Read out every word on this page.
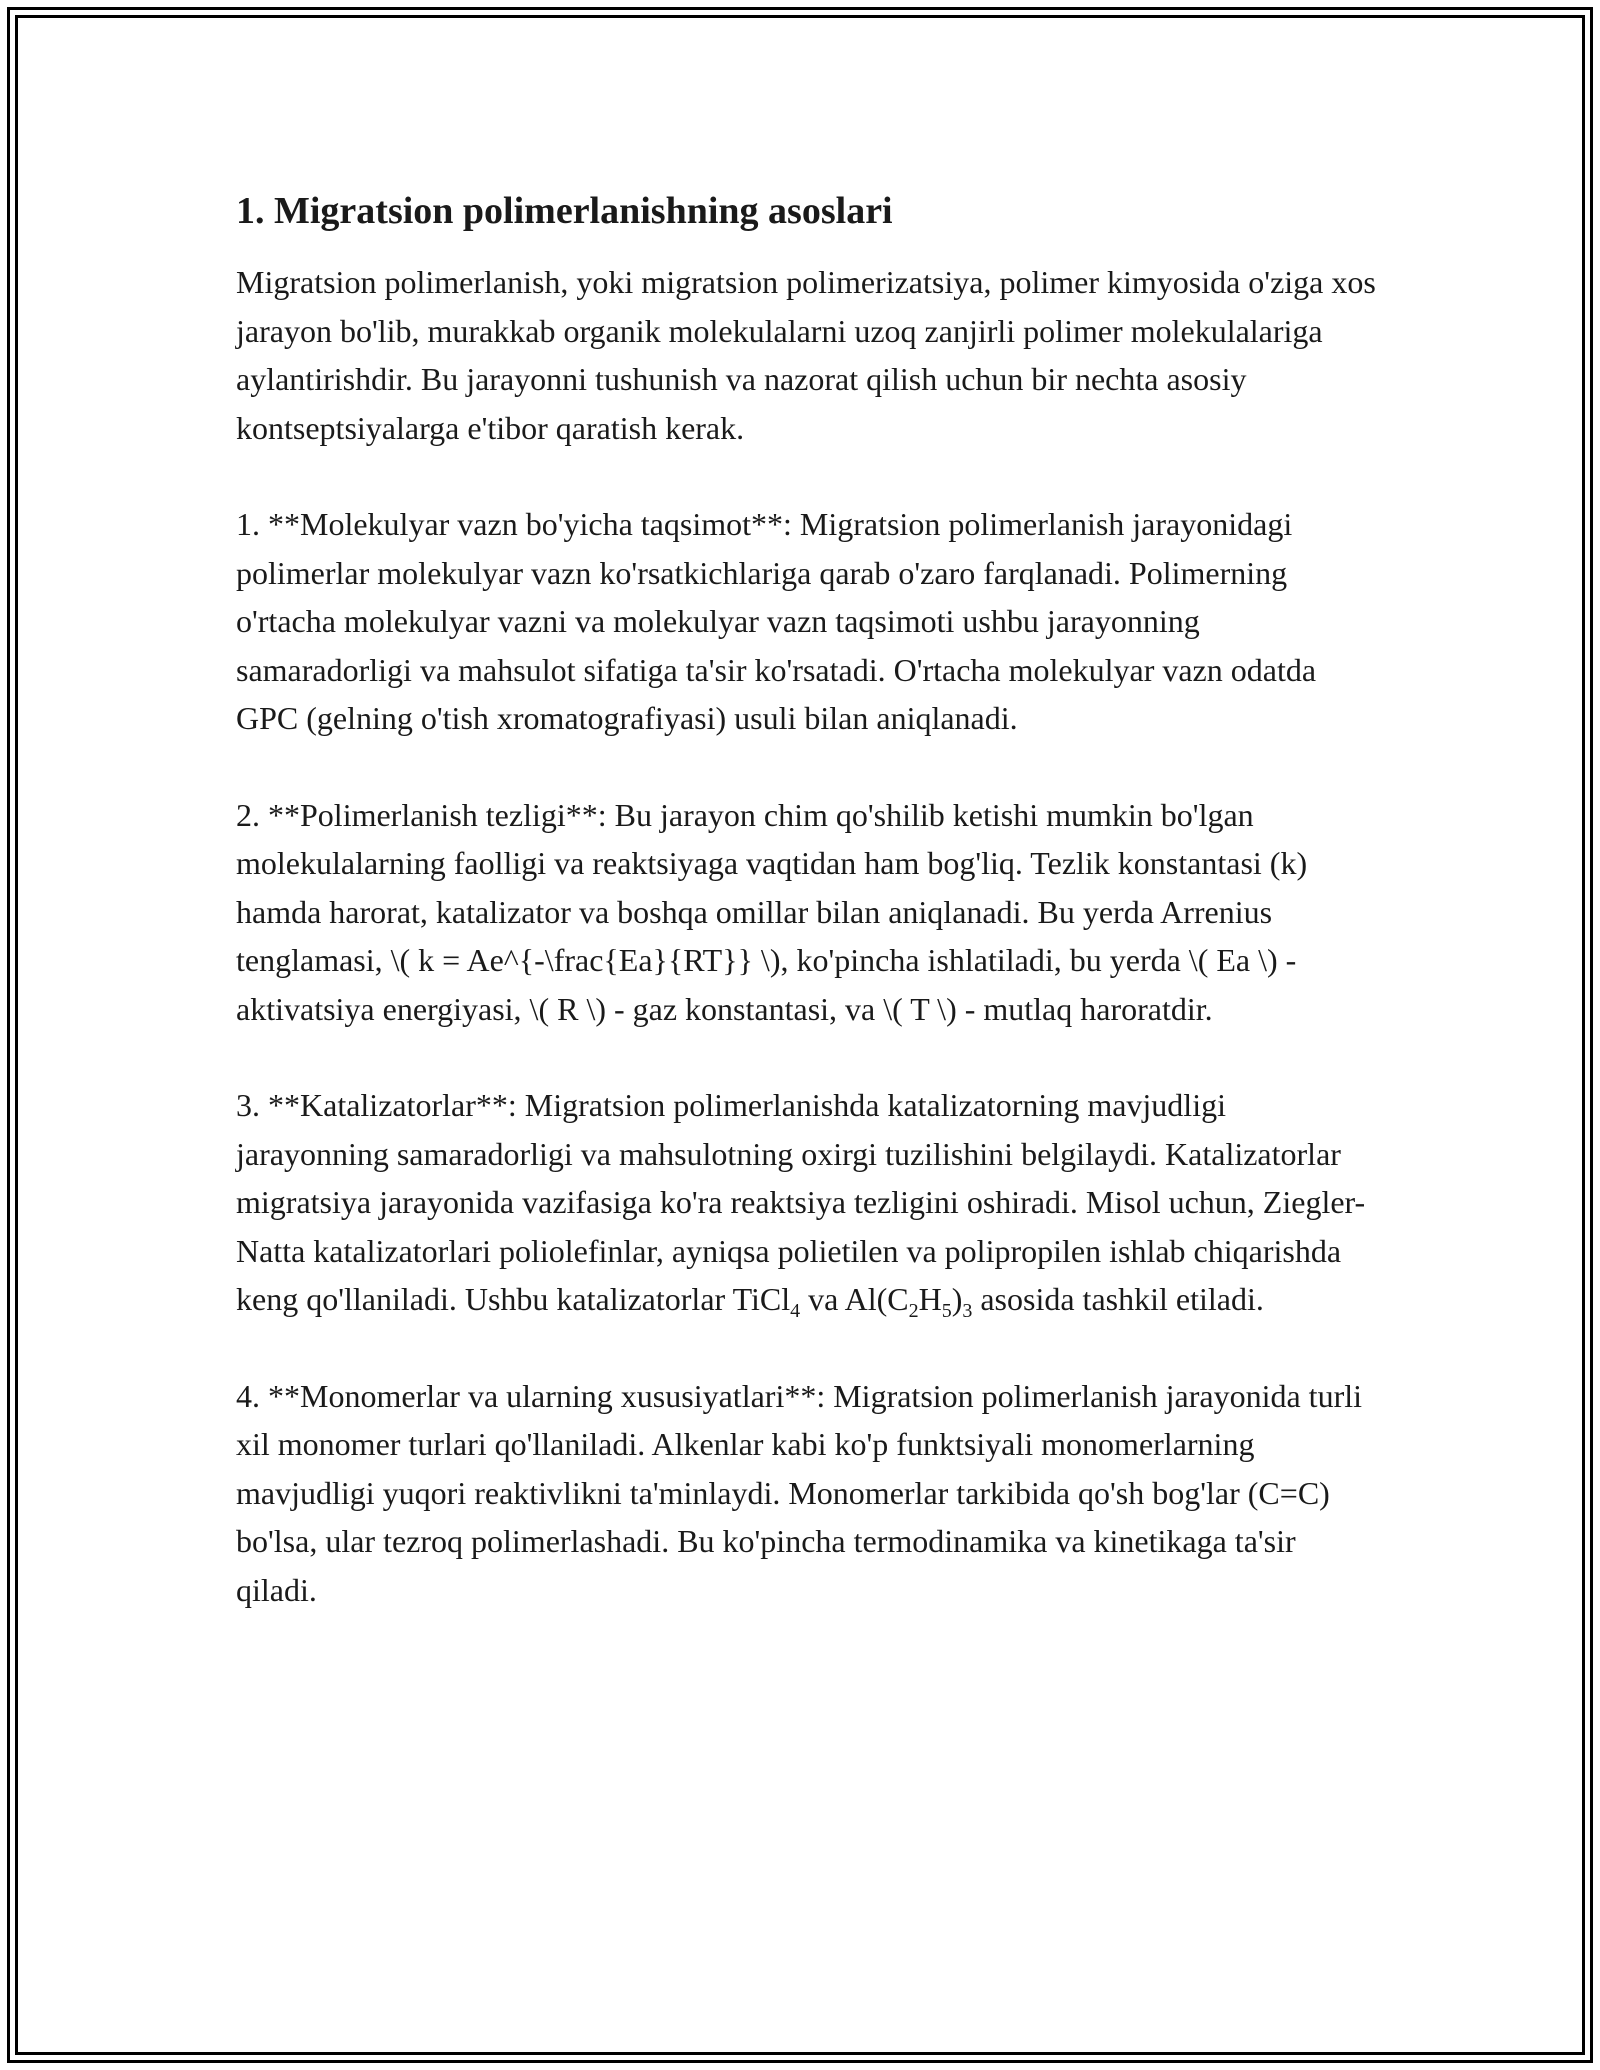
1. Migratsion polimerlanishning asoslari

Migratsion polimerlanish, yoki migratsion polimerizatsiya, polimer kimyosida o'ziga xos jarayon bo'lib, murakkab organik molekulalarni uzoq zanjirli polimer molekulalariga aylantirishdir. Bu jarayonni tushunish va nazorat qilish uchun bir nechta asosiy kontseptsiyalarga e'tibor qaratish kerak.

1. **Molekulyar vazn bo'yicha taqsimot**: Migratsion polimerlanish jarayonidagi polimerlar molekulyar vazn ko'rsatkichlariga qarab o'zaro farqlanadi. Polimerning o'rtacha molekulyar vazni va molekulyar vazn taqsimoti ushbu jarayonning samaradorligi va mahsulot sifatiga ta'sir ko'rsatadi. O'rtacha molekulyar vazn odatda GPC (gelning o'tish xromatografiyasi) usuli bilan aniqlanadi.

2. **Polimerlanish tezligi**: Bu jarayon chim qo'shilib ketishi mumkin bo'lgan molekulalarning faolligi va reaktsiyaga vaqtidan ham bog'liq. Tezlik konstantasi (k) hamda harorat, katalizator va boshqa omillar bilan aniqlanadi. Bu yerda Arrenius tenglamasi, \( k = Ae^{-\frac{Ea}{RT}} \), ko'pincha ishlatiladi, bu yerda \( Ea \) - aktivatsiya energiyasi, \( R \) - gaz konstantasi, va \( T \) - mutlaq haroratdir.

3. **Katalizatorlar**: Migratsion polimerlanishda katalizatorning mavjudligi jarayonning samaradorligi va mahsulotning oxirgi tuzilishini belgilaydi. Katalizatorlar migratsiya jarayonida vazifasiga ko'ra reaktsiya tezligini oshiradi. Misol uchun, Ziegler-Natta katalizatorlari poliolefinlar, ayniqsa polietilen va polipropilen ishlab chiqarishda keng qo'llaniladi. Ushbu katalizatorlar TiCl$_4$ va $Al(C_2H_5)_3$ asosida tashkil etiladi.

4. **Monomerlar va ularning xususiyatlari**: Migratsion polimerlanish jarayonida turli xil monomer turlari qo'llaniladi. Alkenlar kabi ko'p funktsiyali monomerlarning mavjudligi yuqori reaktivlikni ta'minlaydi. Monomerlar tarkibida qo'sh bog'lar (C=C) bo'lsa, ular tezroq polimerlashadi. Bu ko'pincha termodinamika va kinetikaga ta'sir qiladi.
